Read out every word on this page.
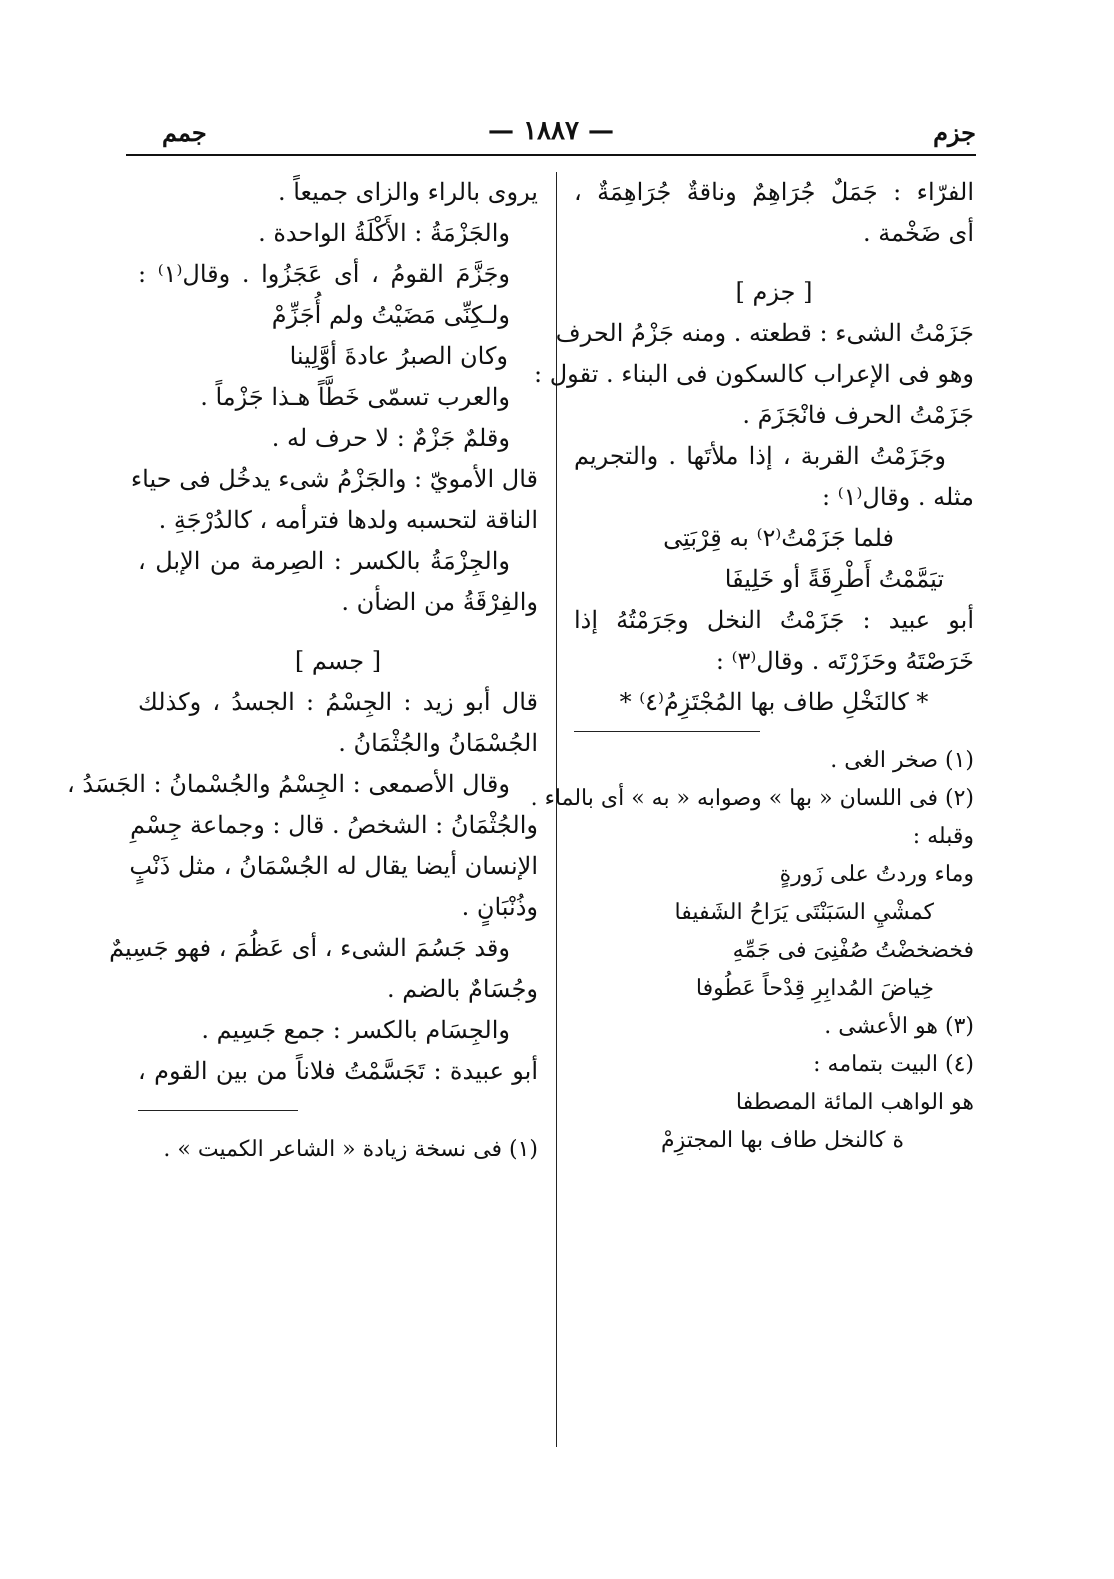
جزم
— ١٨٨٧ —
جمم
الفرّاء : جَمَلٌ جُرَاهِمٌ وناقةٌ جُرَاهِمَةٌ ،
أى ضَخْمة .
[ جزم ]
جَزَمْتُ الشىء : قطعته . ومنه جَزْمُ الحرف
وهو فى الإعراب كالسكون فى البناء . تقول :
جَزَمْتُ الحرف فانْجَزَمَ .
وجَزَمْتُ القربة ، إذا ملأتَها . والتجريم
مثله . وقال⁽١⁾ :
فلما جَزَمْتُ⁽٢⁾ به قِرْبَتِى
تيَمَّمْتُ أَطْرِقَةً أو خَلِيفَا
أبو عبيد : جَزَمْتُ النخل وجَرَمْتُهُ إذا
خَرَصْتَهُ وحَزَرْتَه . وقال⁽٣⁾ :
* كالنَخْلِ طاف بها المُجْتَزِمُ⁽٤⁾ *
(١) صخر الغى .
(٢) فى اللسان « بها » وصوابه « به » أى بالماء .
وقبله :
وماء وردتُ على زَورةٍ
كمشْيِ السَبَنْتَى يَرَاحُ الشَفيفا
فخضخضْتُ صُفْنِىَ فى جَمِّهِ
خِياضَ المُدابِرِ قِدْحاً عَطُوفا
(٣) هو الأعشى .
(٤) البيت بتمامه :
هو الواهب المائة المصطفا
ة كالنخل طاف بها المجتزِمْ
يروى بالراء والزاى جميعاً .
والجَزْمَةُ : الأَكْلَةُ الواحدة .
وجَزَّمَ القومُ ، أى عَجَزُوا . وقال⁽١⁾ :
ولـكِنِّى مَضَيْتُ ولم أُجَزِّمْ
وكان الصبرُ عادةَ أوَّلِينا
والعرب تسمّى خَطَّاً هـذا جَزْماً .
وقلمٌ جَزْمٌ : لا حرف له .
قال الأمويّ : والجَزْمُ شىء يدخُل فى حياء
الناقة لتحسبه ولدها فترأمه ، كالدُرْجَةِ .
والجِزْمَةُ بالكسر : الصِرمة من الإبل ،
والفِرْقَةُ من الضأن .
[ جسم ]
قال أبو زيد : الجِسْمُ : الجسدُ ، وكذلك
الجُسْمَانُ والجُثْمَانُ .
وقال الأصمعى : الجِسْمُ والجُسْمانُ : الجَسَدُ ،
والجُثْمَانُ : الشخصُ . قال : وجماعة جِسْمِ
الإنسان أيضا يقال له الجُسْمَانُ ، مثل ذَنْبٍ
وذُنْبَانٍ .
وقد جَسُمَ الشىء ، أى عَظُمَ ، فهو جَسِيمٌ
وجُسَامٌ بالضم .
والجِسَام بالكسر : جمع جَسِيم .
أبو عبيدة : تَجَسَّمْتُ فلاناً من بين القوم ،
(١) فى نسخة زيادة « الشاعر الكميت » .
